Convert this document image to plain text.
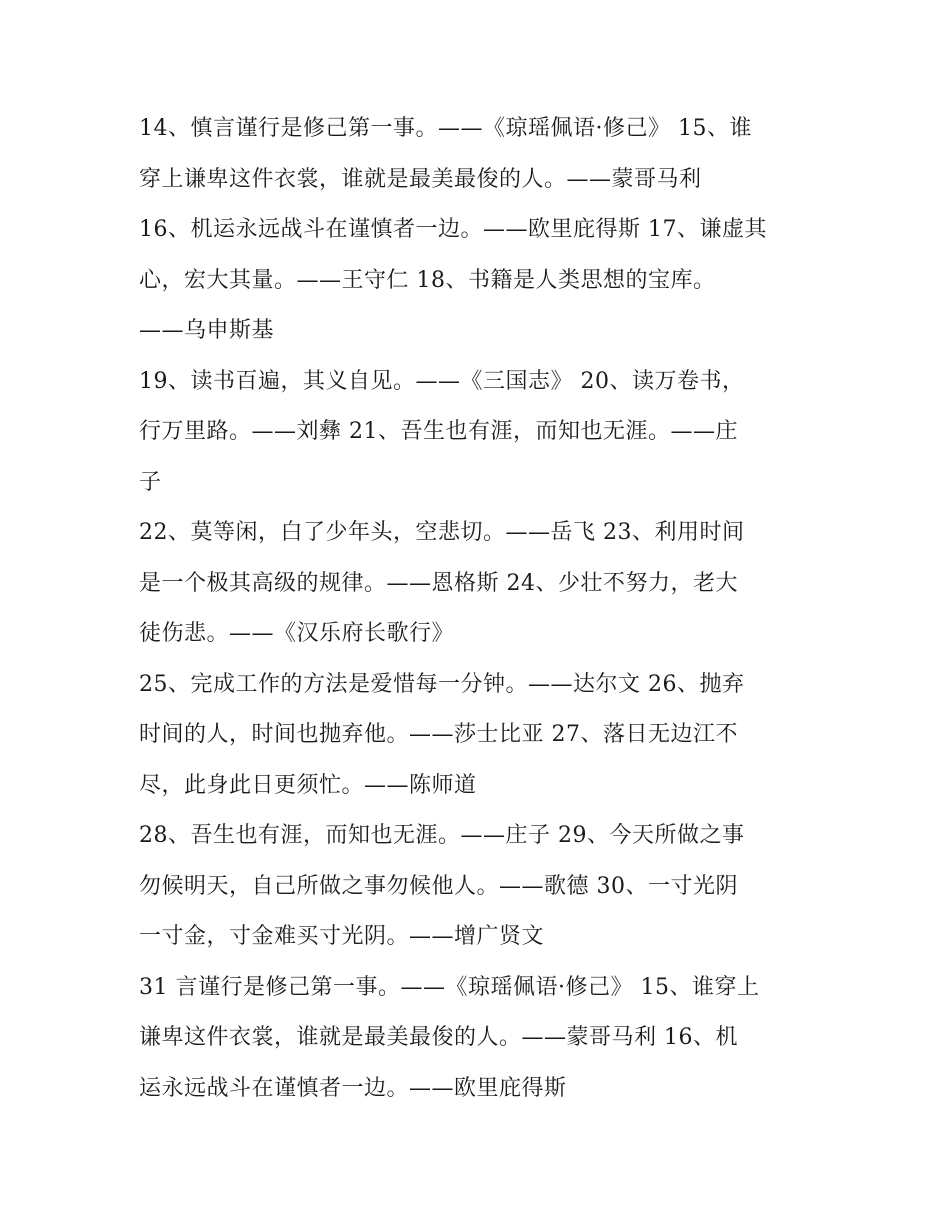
14、慎言谨行是修己第一事。——《琼瑶佩语·修己》 15、谁
穿上谦卑这件衣裳，谁就是最美最俊的人。——蒙哥马利
16、机运永远战斗在谨慎者一边。——欧里庇得斯 17、谦虚其
心，宏大其量。——王守仁 18、书籍是人类思想的宝库。
——乌申斯基
19、读书百遍，其义自见。——《三国志》 20、读万卷书，
行万里路。——刘彝 21、吾生也有涯，而知也无涯。——庄
子
22、莫等闲，白了少年头，空悲切。——岳飞 23、利用时间
是一个极其高级的规律。——恩格斯 24、少壮不努力，老大
徒伤悲。——《汉乐府长歌行》
25、完成工作的方法是爱惜每一分钟。——达尔文 26、抛弃
时间的人，时间也抛弃他。——莎士比亚 27、落日无边江不
尽，此身此日更须忙。——陈师道
28、吾生也有涯，而知也无涯。——庄子 29、今天所做之事
勿候明天，自己所做之事勿候他人。——歌德 30、一寸光阴
一寸金，寸金难买寸光阴。——增广贤文
31 言谨行是修己第一事。——《琼瑶佩语·修己》 15、谁穿上
谦卑这件衣裳，谁就是最美最俊的人。——蒙哥马利 16、机
运永远战斗在谨慎者一边。——欧里庇得斯
